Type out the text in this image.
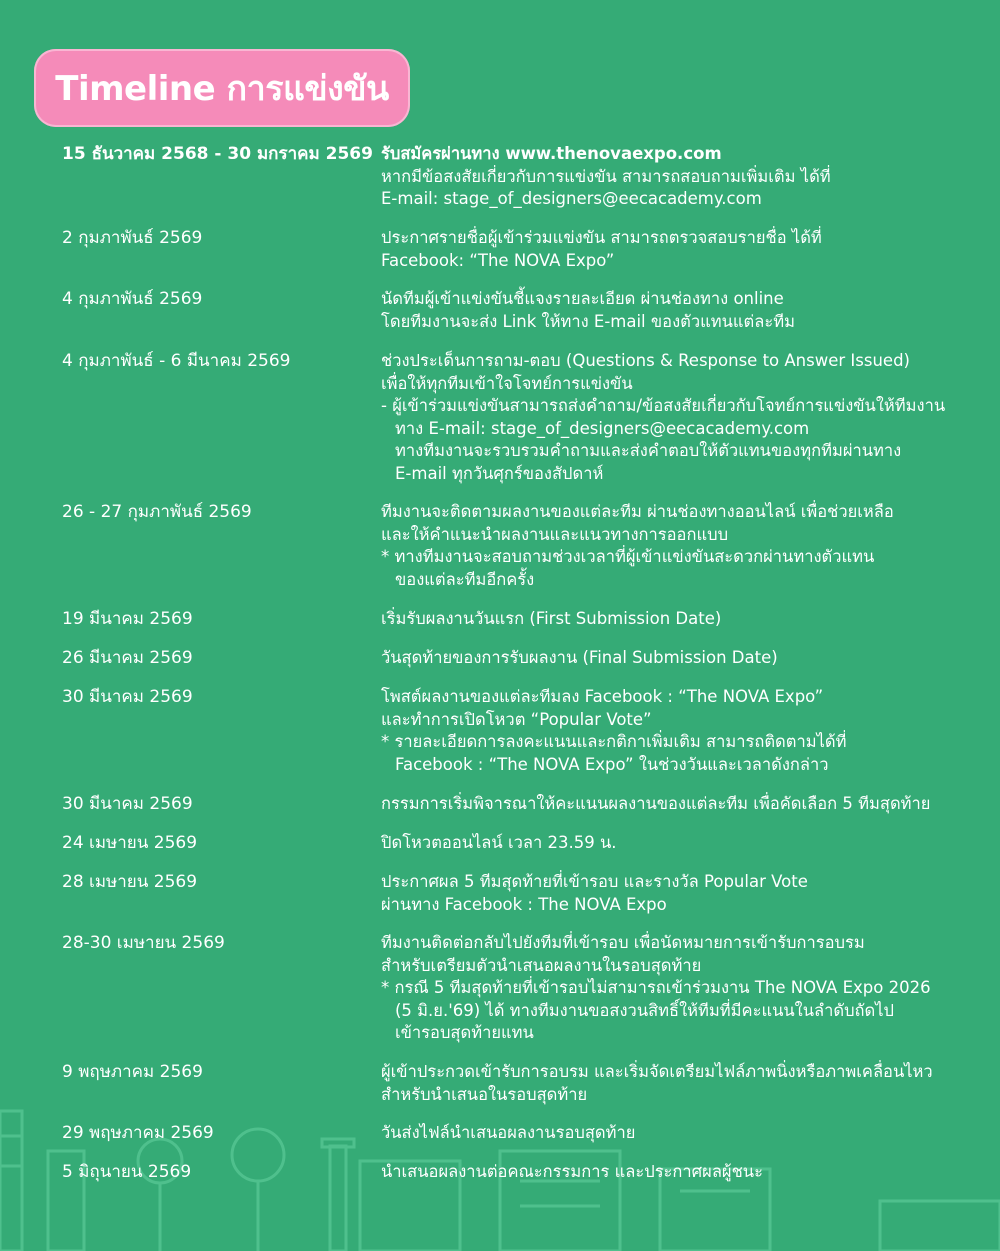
Timeline การแข่งขัน
15 ธันวาคม 2568 - 30 มกราคม 2569 รับสมัครผ่านทาง www.thenovaexpo.com
หากมีข้อสงสัยเกี่ยวกับการแข่งขัน สามารถสอบถามเพิ่มเติม ได้ที่
E-mail: stage_of_designers@eecacademy.com
2 กุมภาพันธ์ 2569	ประกาศรายชื่อผู้เข้าร่วมแข่งขัน สามารถตรวจสอบรายชื่อ ได้ที่
Facebook: “The NOVA Expo”
4 กุมภาพันธ์ 2569	นัดทีมผู้เข้าแข่งขันชี้แจงรายละเอียด ผ่านช่องทาง online
โดยทีมงานจะส่ง Link ให้ทาง E-mail ของตัวแทนแต่ละทีม
4 กุมภาพันธ์ - 6 มีนาคม 2569	ช่วงประเด็นการถาม-ตอบ (Questions & Response to Answer Issued)
เพื่อให้ทุกทีมเข้าใจโจทย์การแข่งขัน
- ผู้เข้าร่วมแข่งขันสามารถส่งคำถาม/ข้อสงสัยเกี่ยวกับโจทย์การแข่งขันให้ทีมงาน
ทาง E-mail: stage_of_designers@eecacademy.com
ทางทีมงานจะรวบรวมคำถามและส่งคำตอบให้ตัวแทนของทุกทีมผ่านทาง
E-mail ทุกวันศุกร์ของสัปดาห์
26 - 27 กุมภาพันธ์ 2569	ทีมงานจะติดตามผลงานของแต่ละทีม ผ่านช่องทางออนไลน์ เพื่อช่วยเหลือ
และให้คำแนะนำผลงานและแนวทางการออกแบบ
* ทางทีมงานจะสอบถามช่วงเวลาที่ผู้เข้าแข่งขันสะดวกผ่านทางตัวแทน
ของแต่ละทีมอีกครั้ง
19 มีนาคม 2569	เริ่มรับผลงานวันแรก (First Submission Date)
26 มีนาคม 2569	วันสุดท้ายของการรับผลงาน (Final Submission Date)
30 มีนาคม 2569	โพสต์ผลงานของแต่ละทีมลง Facebook : “The NOVA Expo”
และทำการเปิดโหวต “Popular Vote”
* รายละเอียดการลงคะแนนและกติกาเพิ่มเติม สามารถติดตามได้ที่
Facebook : “The NOVA Expo” ในช่วงวันและเวลาดังกล่าว
30 มีนาคม 2569	กรรมการเริ่มพิจารณาให้คะแนนผลงานของแต่ละทีม เพื่อคัดเลือก 5 ทีมสุดท้าย
24 เมษายน 2569	ปิดโหวตออนไลน์ เวลา 23.59 น.
28 เมษายน 2569	ประกาศผล 5 ทีมสุดท้ายที่เข้ารอบ และรางวัล Popular Vote
ผ่านทาง Facebook : The NOVA Expo
28-30 เมษายน 2569	ทีมงานติดต่อกลับไปยังทีมที่เข้ารอบ เพื่อนัดหมายการเข้ารับการอบรม
สำหรับเตรียมตัวนำเสนอผลงานในรอบสุดท้าย
* กรณี 5 ทีมสุดท้ายที่เข้ารอบไม่สามารถเข้าร่วมงาน The NOVA Expo 2026
(5 มิ.ย.'69) ได้ ทางทีมงานขอสงวนสิทธิ์ให้ทีมที่มีคะแนนในลำดับถัดไป
เข้ารอบสุดท้ายแทน
9 พฤษภาคม 2569	ผู้เข้าประกวดเข้ารับการอบรม และเริ่มจัดเตรียมไฟล์ภาพนิ่งหรือภาพเคลื่อนไหว
สำหรับนำเสนอในรอบสุดท้าย
29 พฤษภาคม 2569	วันส่งไฟล์นำเสนอผลงานรอบสุดท้าย
5 มิถุนายน 2569	นำเสนอผลงานต่อคณะกรรมการ และประกาศผลผู้ชนะ
